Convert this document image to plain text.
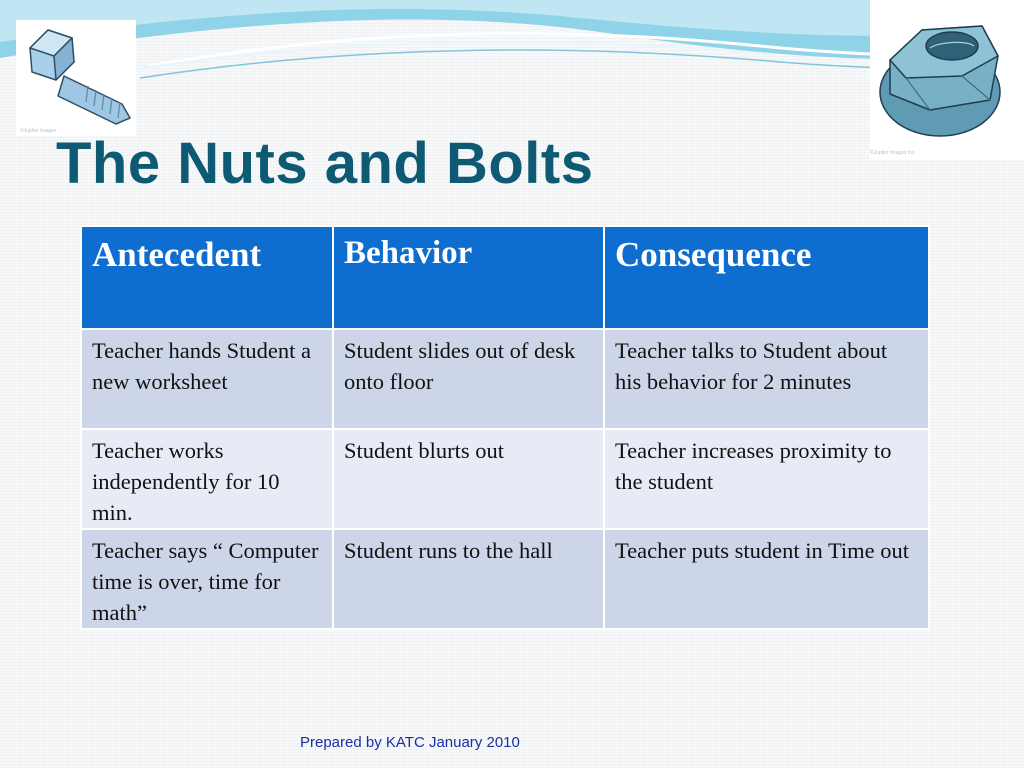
©Jupiter Images
©Jupiter Images Inc.
The Nuts and Bolts
Antecedent	Behavior	Consequence
Teacher hands Student a new worksheet	Student slides out of desk onto floor	Teacher talks to Student about his behavior for 2 minutes
Teacher works independently for 10 min.	Student blurts out	Teacher increases proximity to the student
Teacher says “ Computer time is over, time for math”	Student runs to the hall	Teacher puts student in Time out
Prepared by KATC January 2010
